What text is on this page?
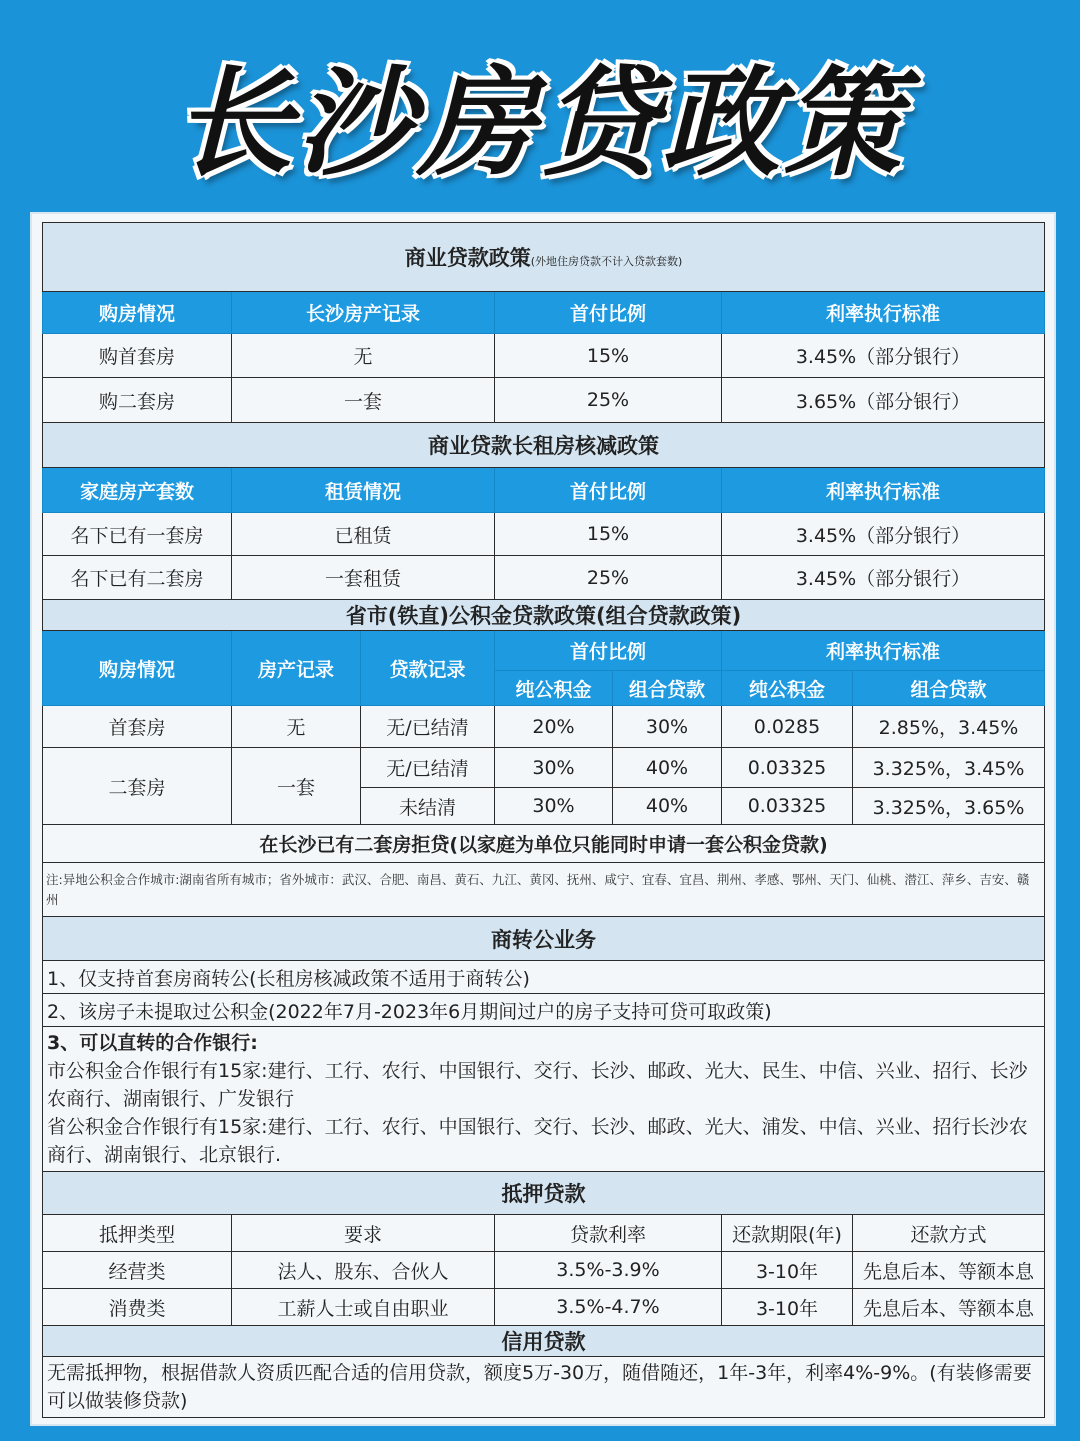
长沙房贷政策
商业贷款政策(外地住房贷款不计入贷款套数)						
购房情况	长沙房产记录		首付比例		利率执行标准	
购首套房	无		15%		3.45%（部分银行）	
购二套房	一套		25%		3.65%（部分银行）	
商业贷款长租房核减政策						
家庭房产套数	租赁情况		首付比例		利率执行标准	
名下已有一套房	已租赁		15%		3.45%（部分银行）	
名下已有二套房	一套租赁		25%		3.45%（部分银行）	
省市(铁直)公积金贷款政策(组合贷款政策)						
购房情况	房产记录	贷款记录	首付比例		利率执行标准	
			纯公积金	组合贷款	纯公积金	组合贷款
首套房	无	无/已结清	20%	30%	0.0285	2.85%，3.45%
二套房	一套	无/已结清	30%	40%	0.03325	3.325%，3.45%
		未结清	30%	40%	0.03325	3.325%，3.65%
在长沙已有二套房拒贷(以家庭为单位只能同时申请一套公积金贷款)						
注:异地公积金合作城市:湖南省所有城市；省外城市：武汉、合肥、南昌、黄石、九江、黄冈、抚州、咸宁、宜春、宜昌、荆州、孝感、鄂州、天门、仙桃、潜江、萍乡、吉安、赣州						
商转公业务						
1、仅支持首套房商转公(长租房核减政策不适用于商转公)						
2、该房子未提取过公积金(2022年7月-2023年6月期间过户的房子支持可贷可取政策)						

3、可以直转的合作银行:
市公积金合作银行有15家:建行、工行、农行、中国银行、交行、长沙、邮政、光大、民生、中信、兴业、招行、长沙农商行、湖南银行、广发银行
省公积金合作银行有15家:建行、工行、农行、中国银行、交行、长沙、邮政、光大、浦发、中信、兴业、招行长沙农商行、湖南银行、北京银行.						

抵押贷款						
抵押类型	要求		贷款利率		还款期限(年)	还款方式
经营类	法人、股东、合伙人		3.5%-3.9%		3-10年	先息后本、等额本息
消费类	工薪人士或自由职业		3.5%-4.7%		3-10年	先息后本、等额本息
信用贷款						
无需抵押物，根据借款人资质匹配合适的信用贷款，额度5万-30万，随借随还，1年-3年，利率4%-9%。(有装修需要可以做装修贷款)						
